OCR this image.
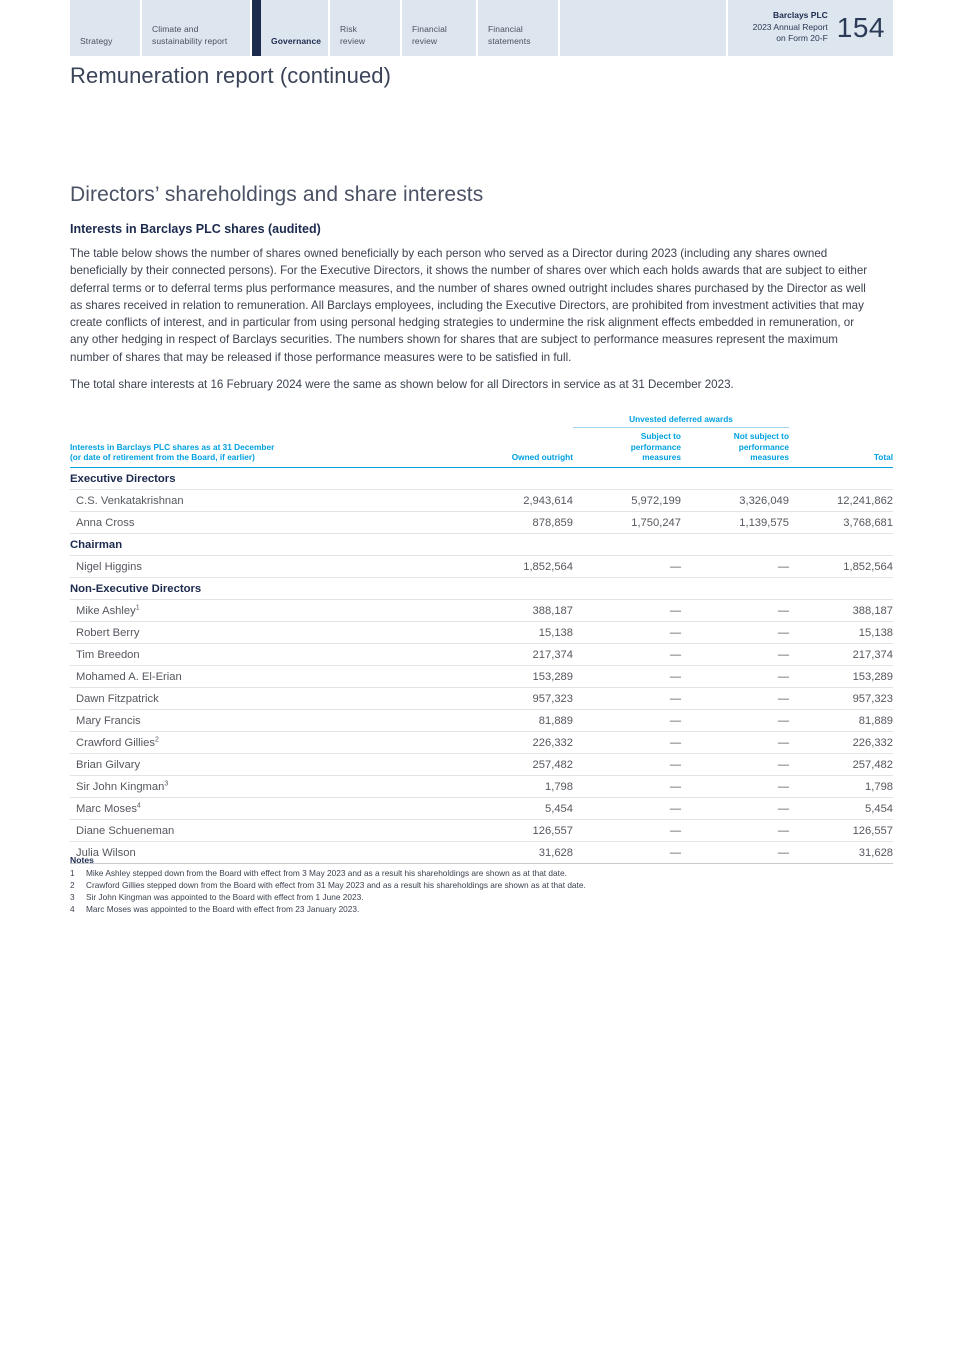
Strategy
Climate and
sustainability report	Governance
Risk
review
Financial
review
Financial
statements
Barclays PLC
2023 Annual Report
on Form 20-F 154
Remuneration report (continued)
Directors’ shareholdings and share interests
Interests in Barclays PLC shares (audited)

The table below shows the number of shares owned beneficially by each person who served as a Director during 2023 (including any shares owned beneficially by their connected persons). For the Executive Directors, it shows the number of shares over which each holds awards that are subject to either deferral terms or to deferral terms plus performance measures, and the number of shares owned outright includes shares purchased by the Director as well as shares received in relation to remuneration. All Barclays employees, including the Executive Directors, are prohibited from investment activities that may create conflicts of interest, and in particular from using personal hedging strategies to undermine the risk alignment effects embedded in remuneration, or any other hedging in respect of Barclays securities. The numbers shown for shares that are subject to performance measures represent the maximum number of shares that may be released if those performance measures were to be satisfied in full.

The total share interests at 16 February 2024 were the same as shown below for all Directors in service as at 31 December 2023.

		Unvested deferred awards		

Interests in Barclays PLC shares as at 31 December
(or date of retirement from the Board, if earlier)	Owned outright	
Subject to
performance
measures

Not subject to
performance
measures	Total
Executive Directors				
C.S. Venkatakrishnan	2,943,614	5,972,199	3,326,049	12,241,862
Anna Cross	878,859	1,750,247	1,139,575	3,768,681
Chairman				
Nigel Higgins	1,852,564	—	—	1,852,564
Non-Executive Directors				
Mike Ashley$^1$	388,187	—	—	388,187
Robert Berry	15,138	—	—	15,138
Tim Breedon	217,374	—	—	217,374
Mohamed A. El-Erian	153,289	—	—	153,289
Dawn Fitzpatrick	957,323	—	—	957,323
Mary Francis	81,889	—	—	81,889
Crawford Gillies$^2$	226,332	—	—	226,332
Brian Gilvary	257,482	—	—	257,482
Sir John Kingman$^3$	1,798	—	—	1,798
Marc Moses$^4$	5,454	—	—	5,454
Diane Schueneman	126,557	—	—	126,557
Julia Wilson	31,628	—	—	31,628
Notes
1	Mike Ashley stepped down from the Board with effect from 3 May 2023 and as a result his shareholdings are shown as at that date.
2	Crawford Gillies stepped down from the Board with effect from 31 May 2023 and as a result his shareholdings are shown as at that date.
3	Sir John Kingman was appointed to the Board with effect from 1 June 2023.
4	Marc Moses was appointed to the Board with effect from 23 January 2023.
